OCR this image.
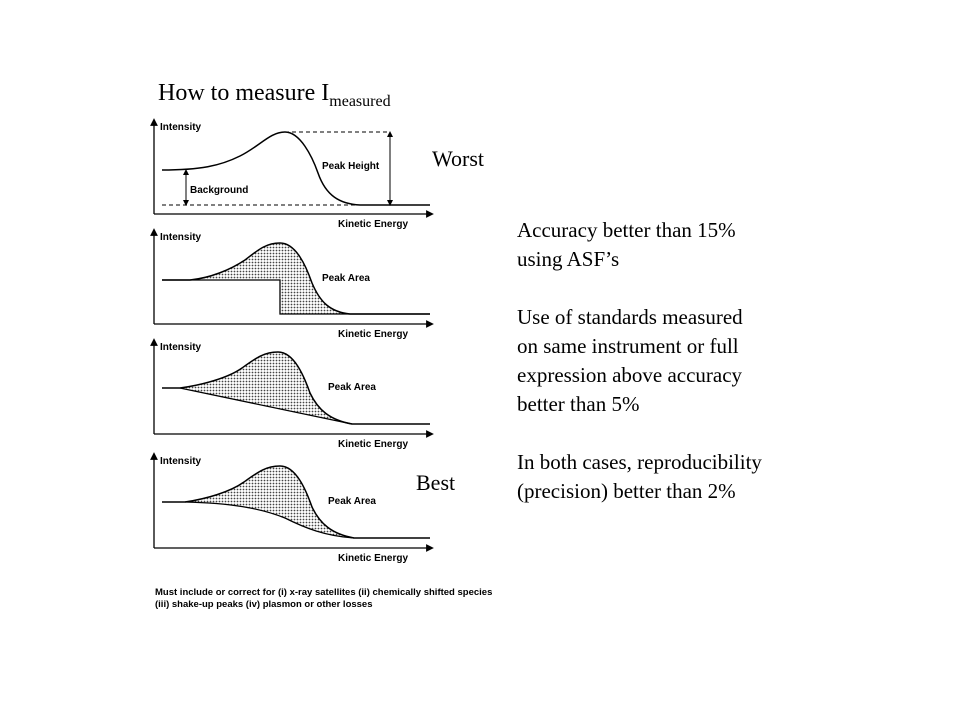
How to measure $I_{measured}$
Intensity
Kinetic Energy
Peak Height
Background
Worst
Intensity
Kinetic Energy
Peak Area
Intensity
Kinetic Energy
Peak Area
Intensity
Kinetic Energy
Peak Area
Best

Accuracy better than 15%
using ASF’s

Use of standards measured
on same instrument or full
expression above accuracy
better than 5%

In both cases, reproducibility
(precision) better than 2%

Must include or correct for (i) x-ray satellites (ii) chemically shifted species (iii) shake-up peaks (iv) plasmon or other losses
